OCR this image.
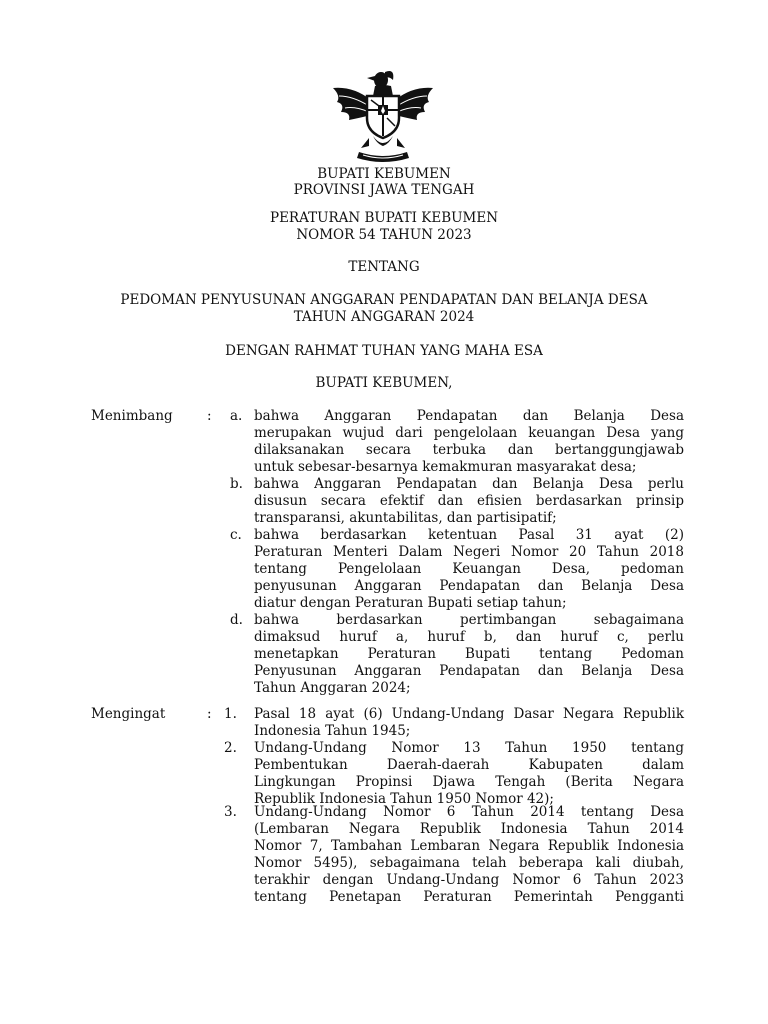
BUPATI KEBUMEN
PROVINSI JAWA TENGAH
PERATURAN BUPATI KEBUMEN
NOMOR 54 TAHUN 2023
TENTANG
PEDOMAN PENYUSUNAN ANGGARAN PENDAPATAN DAN BELANJA DESA
TAHUN ANGGARAN 2024
DENGAN RAHMAT TUHAN YANG MAHA ESA
BUPATI KEBUMEN,
Menimbang	: a. bahwa Anggaran Pendapatan dan Belanja Desa
merupakan wujud dari pengelolaan keuangan Desa yang
dilaksanakan secara terbuka dan bertanggungjawab
untuk sebesar-besarnya kemakmuran masyarakat desa;
b. bahwa Anggaran Pendapatan dan Belanja Desa perlu
disusun secara efektif dan efisien berdasarkan prinsip
transparansi, akuntabilitas, dan partisipatif;
c. bahwa berdasarkan ketentuan Pasal 31 ayat (2)
Peraturan Menteri Dalam Negeri Nomor 20 Tahun 2018
tentang Pengelolaan Keuangan Desa, pedoman
penyusunan Anggaran Pendapatan dan Belanja Desa
diatur dengan Peraturan Bupati setiap tahun;
d. bahwa berdasarkan pertimbangan sebagaimana
dimaksud huruf a, huruf b, dan huruf c, perlu
menetapkan Peraturan Bupati tentang Pedoman
Penyusunan Anggaran Pendapatan dan Belanja Desa
Tahun Anggaran 2024;
Mengingat	: 1. Pasal 18 ayat (6) Undang-Undang Dasar Negara Republik
Indonesia Tahun 1945;
2. Undang-Undang Nomor 13 Tahun 1950 tentang
Pembentukan Daerah-daerah Kabupaten dalam
Lingkungan Propinsi Djawa Tengah (Berita Negara
Republik Indonesia Tahun 1950 Nomor 42);
3. Undang-Undang Nomor 6 Tahun 2014 tentang Desa
(Lembaran Negara Republik Indonesia Tahun 2014
Nomor 7, Tambahan Lembaran Negara Republik Indonesia
Nomor 5495), sebagaimana telah beberapa kali diubah,
terakhir dengan Undang-Undang Nomor 6 Tahun 2023
tentang Penetapan Peraturan Pemerintah Pengganti
